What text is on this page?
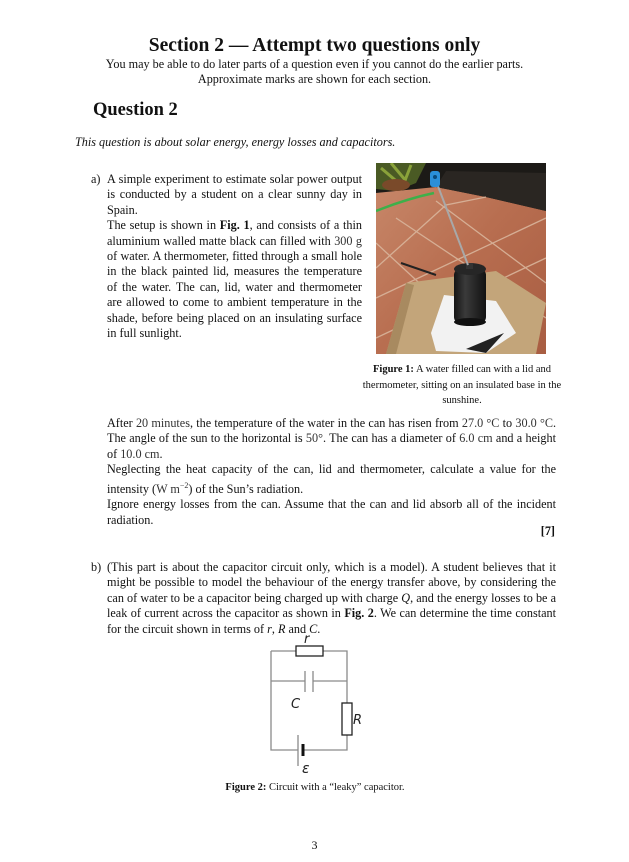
Section 2 — Attempt two questions only
You may be able to do later parts of a question even if you cannot do the earlier parts.
Approximate marks are shown for each section.
Question 2
This question is about solar energy, energy losses and capacitors.
a) A simple experiment to estimate solar power output is conducted by a student on a clear sunny day in Spain.

The setup is shown in Fig. 1, and consists of a thin aluminium walled matte black can filled with 300 g of water. A thermometer, fitted through a small hole in the black painted lid, measures the temperature of the water. The can, lid, water and thermometer are allowed to come to ambient temperature in the shade, before being placed on an insulating surface in full sunlight.

Figure 1: A water filled can with a lid and thermometer, sitting on an insulated base in the sunshine.

After 20 minutes, the temperature of the water in the can has risen from 27.0 °C to 30.0 °C. The angle of the sun to the horizontal is 50°. The can has a diameter of 6.0 cm and a height of 10.0 cm.

Neglecting the heat capacity of the can, lid and thermometer, calculate a value for the intensity (W $m^{-2}$) of the Sun’s radiation.

Ignore energy losses from the can. Assume that the can and lid absorb all of the incident radiation.

[7]
b) (This part is about the capacitor circuit only, which is a model). A student believes that it might be possible to model the behaviour of the energy transfer above, by considering the can of water to be a capacitor being charged up with charge Q, and the energy losses to be a leak of current across the capacitor as shown in Fig. 2. We can determine the time constant for the circuit shown in terms of r, R and C.
r
C
R
ε
Figure 2: Circuit with a “leaky” capacitor.
3
